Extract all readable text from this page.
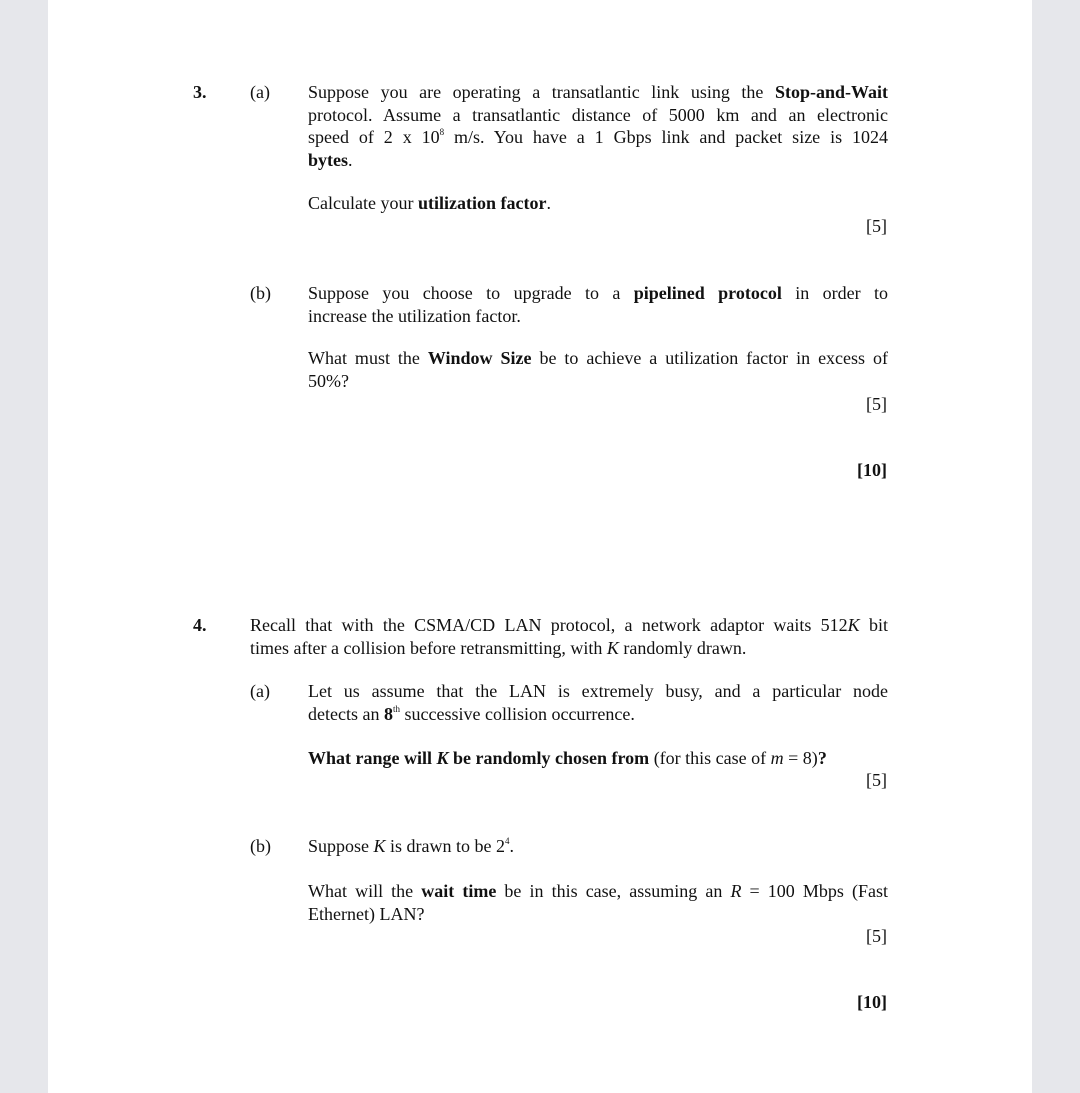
3. (a) Suppose you are operating a transatlantic link using the Stop-and-Wait
protocol. Assume a transatlantic distance of 5000 km and an electronic
speed of 2 x $10^8$ m/s. You have a 1 Gbps link and packet size is 1024
bytes.
Calculate your utilization factor.
[5]
(b) Suppose you choose to upgrade to a pipelined protocol in order to
increase the utilization factor.
What must the Window Size be to achieve a utilization factor in excess of
50%?
[5]
[10]
4. Recall that with the CSMA/CD LAN protocol, a network adaptor waits 512K bit
times after a collision before retransmitting, with K randomly drawn.
(a) Let us assume that the LAN is extremely busy, and a particular node
detects an 8th successive collision occurrence.
What range will K be randomly chosen from (for this case of m = 8)?
[5]
(b) Suppose K is drawn to be $2^4$.
What will the wait time be in this case, assuming an R = 100 Mbps (Fast
Ethernet) LAN?
[5]
[10]
